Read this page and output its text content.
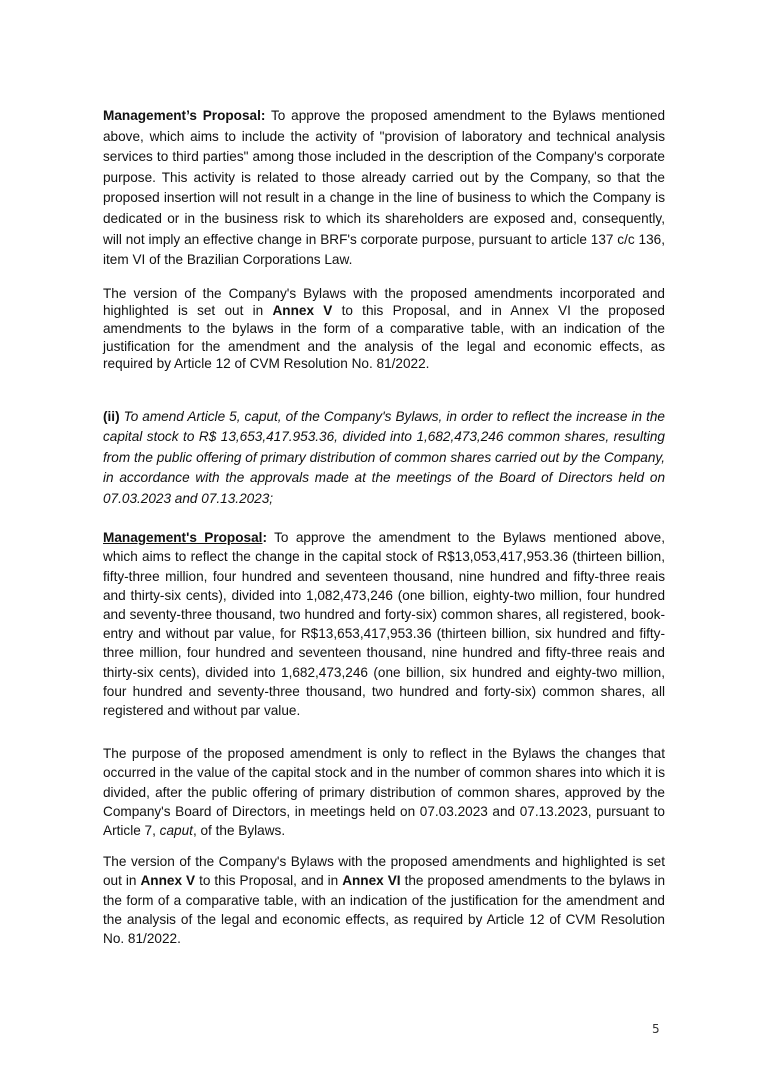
Management’s Proposal: To approve the proposed amendment to the Bylaws mentioned above, which aims to include the activity of "provision of laboratory and technical analysis services to third parties" among those included in the description of the Company's corporate purpose. This activity is related to those already carried out by the Company, so that the proposed insertion will not result in a change in the line of business to which the Company is dedicated or in the business risk to which its shareholders are exposed and, consequently, will not imply an effective change in BRF's corporate purpose, pursuant to article 137 c/c 136, item VI of the Brazilian Corporations Law.

The version of the Company's Bylaws with the proposed amendments incorporated and highlighted is set out in Annex V to this Proposal, and in Annex VI the proposed amendments to the bylaws in the form of a comparative table, with an indication of the justification for the amendment and the analysis of the legal and economic effects, as required by Article 12 of CVM Resolution No. 81/2022.

(ii) To amend Article 5, caput, of the Company's Bylaws, in order to reflect the increase in the capital stock to R$ 13,653,417.953.36, divided into 1,682,473,246 common shares, resulting from the public offering of primary distribution of common shares carried out by the Company, in accordance with the approvals made at the meetings of the Board of Directors held on 07.03.2023 and 07.13.2023;

Management's Proposal: To approve the amendment to the Bylaws mentioned above, which aims to reflect the change in the capital stock of R$13,053,417,953.36 (thirteen billion, fifty-three million, four hundred and seventeen thousand, nine hundred and fifty-three reais and thirty-six cents), divided into 1,082,473,246 (one billion, eighty-two million, four hundred and seventy-three thousand, two hundred and forty-six) common shares, all registered, book-entry and without par value, for R$13,653,417,953.36 (thirteen billion, six hundred and fifty-three million, four hundred and seventeen thousand, nine hundred and fifty-three reais and thirty-six cents), divided into 1,682,473,246 (one billion, six hundred and eighty-two million, four hundred and seventy-three thousand, two hundred and forty-six) common shares, all registered and without par value.

The purpose of the proposed amendment is only to reflect in the Bylaws the changes that occurred in the value of the capital stock and in the number of common shares into which it is divided, after the public offering of primary distribution of common shares, approved by the Company's Board of Directors, in meetings held on 07.03.2023 and 07.13.2023, pursuant to Article 7, caput, of the Bylaws.

The version of the Company's Bylaws with the proposed amendments and highlighted is set out in Annex V to this Proposal, and in Annex VI the proposed amendments to the bylaws in the form of a comparative table, with an indication of the justification for the amendment and the analysis of the legal and economic effects, as required by Article 12 of CVM Resolution No. 81/2022.

5
